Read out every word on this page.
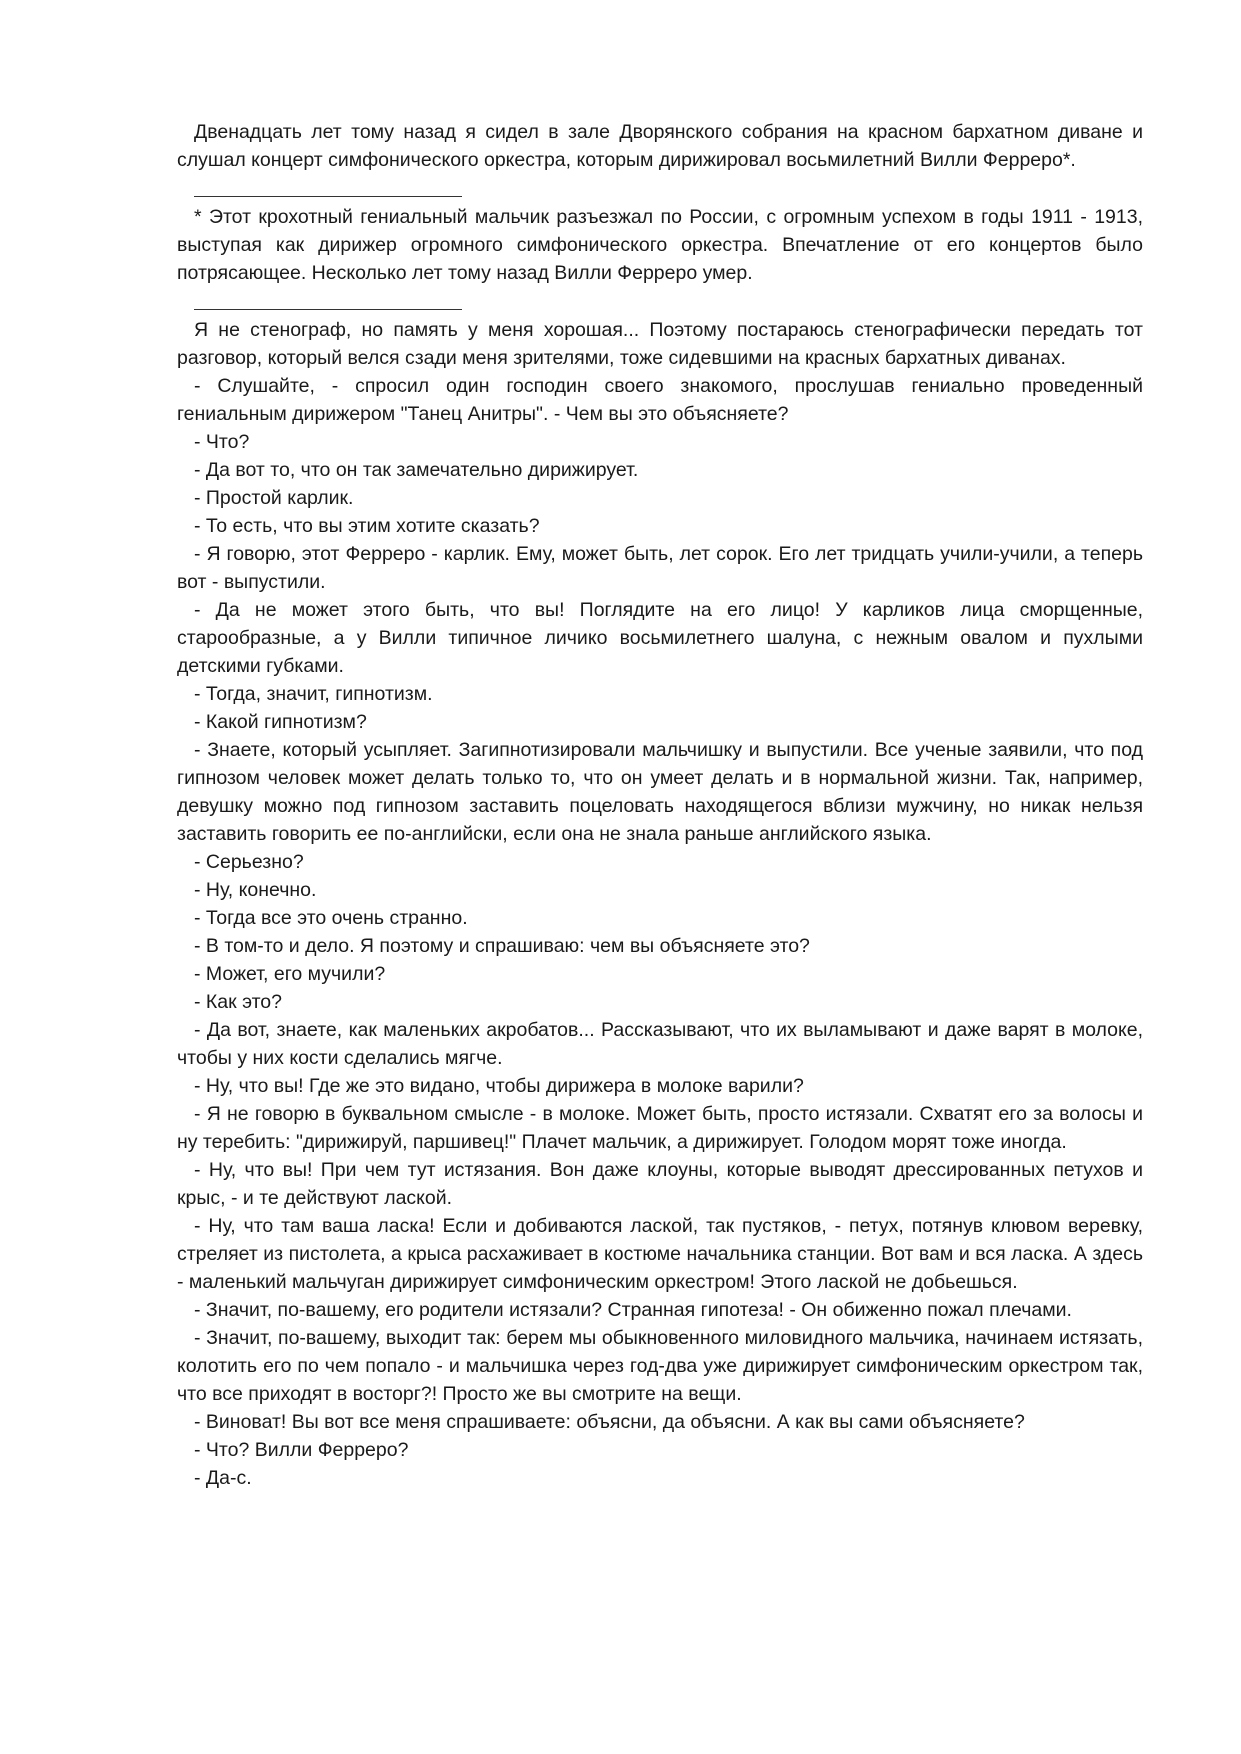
Двенадцать лет тому назад я сидел в зале Дворянского собрания на красном бархатном диване и слушал концерт симфонического оркестра, которым дирижировал восьмилетний Вилли Ферреро*.

* Этот крохотный гениальный мальчик разъезжал по России, с огромным успехом в годы 1911 - 1913, выступая как дирижер огромного симфонического оркестра. Впечатление от его концертов было потрясающее. Несколько лет тому назад Вилли Ферреро умер.

Я не стенограф, но память у меня хорошая... Поэтому постараюсь стенографически передать тот разговор, который велся сзади меня зрителями, тоже сидевшими на красных бархатных диванах.

- Слушайте, - спросил один господин своего знакомого, прослушав гениально проведенный гениальным дирижером "Танец Анитры". - Чем вы это объясняете?

- Что?

- Да вот то, что он так замечательно дирижирует.

- Простой карлик.

- То есть, что вы этим хотите сказать?

- Я говорю, этот Ферреро - карлик. Ему, может быть, лет сорок. Его лет тридцать учили-учили, а теперь вот - выпустили.

- Да не может этого быть, что вы! Поглядите на его лицо! У карликов лица сморщенные, старообразные, а у Вилли типичное личико восьмилетнего шалуна, с нежным овалом и пухлыми детскими губками.

- Тогда, значит, гипнотизм.

- Какой гипнотизм?

- Знаете, который усыпляет. Загипнотизировали мальчишку и выпустили. Все ученые заявили, что под гипнозом человек может делать только то, что он умеет делать и в нормальной жизни. Так, например, девушку можно под гипнозом заставить поцеловать находящегося вблизи мужчину, но никак нельзя заставить говорить ее по-английски, если она не знала раньше английского языка.

- Серьезно?

- Ну, конечно.

- Тогда все это очень странно.

- В том-то и дело. Я поэтому и спрашиваю: чем вы объясняете это?

- Может, его мучили?

- Как это?

- Да вот, знаете, как маленьких акробатов... Рассказывают, что их выламывают и даже варят в молоке, чтобы у них кости сделались мягче.

- Ну, что вы! Где же это видано, чтобы дирижера в молоке варили?

- Я не говорю в буквальном смысле - в молоке. Может быть, просто истязали. Схватят его за волосы и ну теребить: "дирижируй, паршивец!" Плачет мальчик, а дирижирует. Голодом морят тоже иногда.

- Ну, что вы! При чем тут истязания. Вон даже клоуны, которые выводят дрессированных петухов и крыс, - и те действуют лаской.

- Ну, что там ваша ласка! Если и добиваются лаской, так пустяков, - петух, потянув клювом веревку, стреляет из пистолета, а крыса расхаживает в костюме начальника станции. Вот вам и вся ласка. А здесь - маленький мальчуган дирижирует симфоническим оркестром! Этого лаской не добьешься.

- Значит, по-вашему, его родители истязали? Странная гипотеза! - Он обиженно пожал плечами.

- Значит, по-вашему, выходит так: берем мы обыкновенного миловидного мальчика, начинаем истязать, колотить его по чем попало - и мальчишка через год-два уже дирижирует симфоническим оркестром так, что все приходят в восторг?! Просто же вы смотрите на вещи.

- Виноват! Вы вот все меня спрашиваете: объясни, да объясни. А как вы сами объясняете?

- Что? Вилли Ферреро?

- Да-с.
